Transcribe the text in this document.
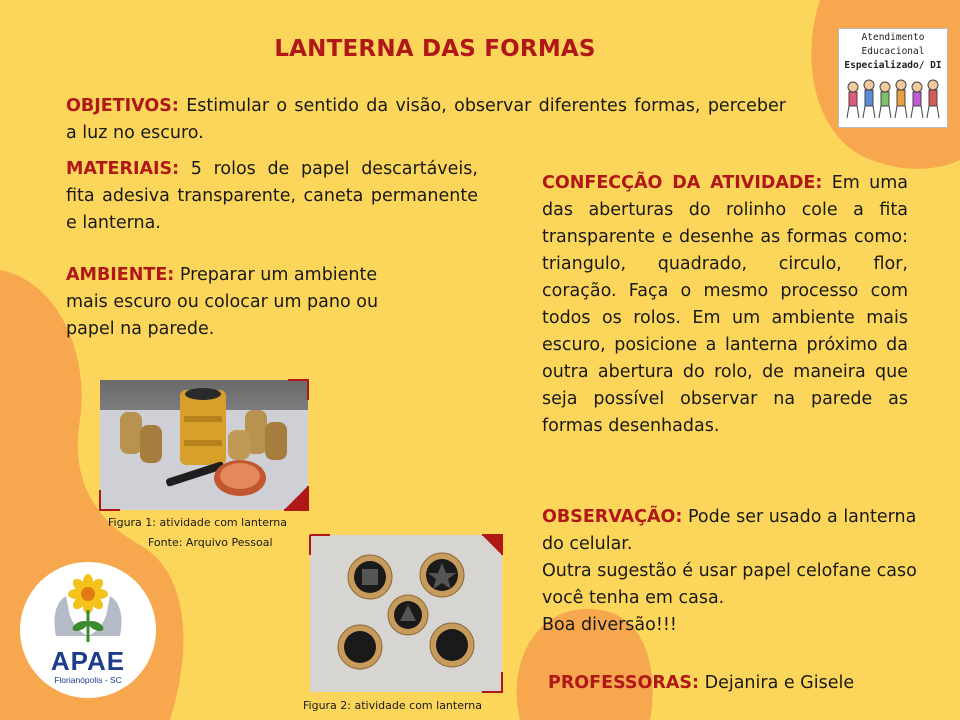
LANTERNA DAS FORMAS	Atendimento
Educacional
Especializado/ DI

OBJETIVOS: Estimular o sentido da visão, observar diferentes formas, perceber a luz no escuro.

MATERIAIS: 5 rolos de papel descartáveis, fita adesiva transparente, caneta permanente e lanterna.

AMBIENTE: Preparar um ambiente mais escuro ou colocar um pano ou papel na parede.

CONFECÇÃO DA ATIVIDADE: Em uma das aberturas do rolinho cole a fita transparente e desenhe as formas como: triangulo, quadrado, circulo, flor, coração. Faça o mesmo processo com todos os rolos. Em um ambiente mais escuro, posicione a lanterna próximo da outra abertura do rolo, de maneira que seja possível observar na parede as formas desenhadas.

OBSERVAÇÃO: Pode ser usado a lanterna do celular.
Outra sugestão é usar papel celofane caso  você tenha em casa.
Boa diversão!!!
PROFESSORAS: Dejanira e Gisele
Figura 1: atividade com lanterna
Fonte: Arquivo Pessoal
Figura 2: atividade com lanterna
APAE
Florianópolis - SC
